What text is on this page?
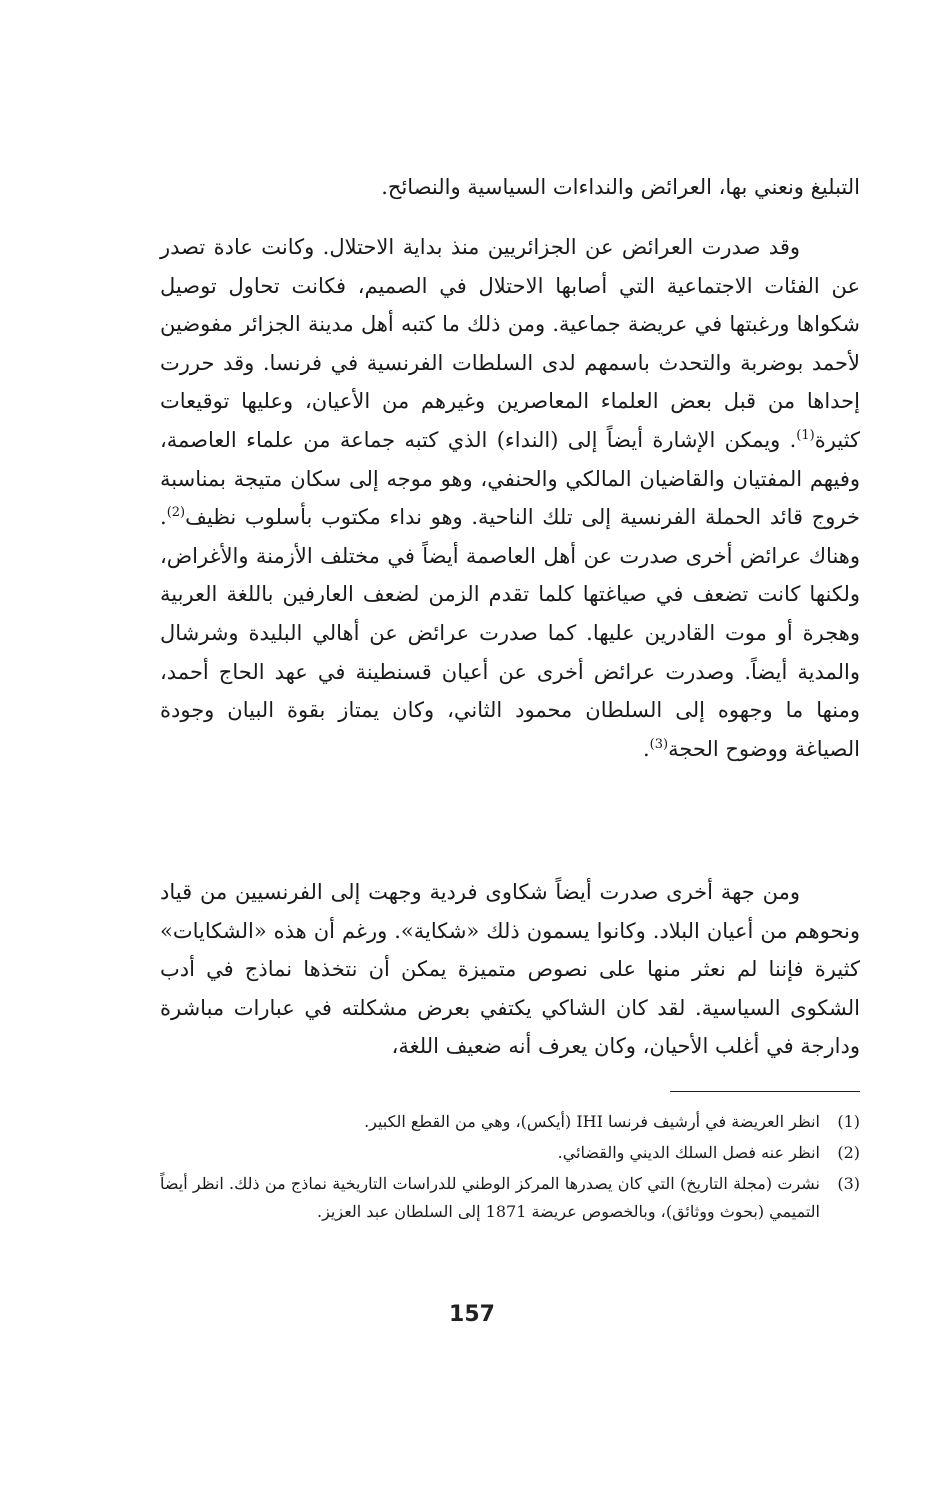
التبليغ ونعني بها، العرائض والنداءات السياسية والنصائح.

وقد صدرت العرائض عن الجزائريين منذ بداية الاحتلال. وكانت عادة تصدر عن الفئات الاجتماعية التي أصابها الاحتلال في الصميم، فكانت تحاول توصيل شكواها ورغبتها في عريضة جماعية. ومن ذلك ما كتبه أهل مدينة الجزائر مفوضين لأحمد بوضربة والتحدث باسمهم لدى السلطات الفرنسية في فرنسا. وقد حررت إحداها من قبل بعض العلماء المعاصرين وغيرهم من الأعيان، وعليها توقيعات كثيرة$^{(1)}$. ويمكن الإشارة أيضاً إلى (النداء) الذي كتبه جماعة من علماء العاصمة، وفيهم المفتيان والقاضيان المالكي والحنفي، وهو موجه إلى سكان متيجة بمناسبة خروج قائد الحملة الفرنسية إلى تلك الناحية. وهو نداء مكتوب بأسلوب نظيف$^{(2)}$. وهناك عرائض أخرى صدرت عن أهل العاصمة أيضاً في مختلف الأزمنة والأغراض، ولكنها كانت تضعف في صياغتها كلما تقدم الزمن لضعف العارفين باللغة العربية وهجرة أو موت القادرين عليها. كما صدرت عرائض عن أهالي البليدة وشرشال والمدية أيضاً. وصدرت عرائض أخرى عن أعيان قسنطينة في عهد الحاج أحمد، ومنها ما وجهوه إلى السلطان محمود الثاني، وكان يمتاز بقوة البيان وجودة الصياغة ووضوح الحجة$^{(3)}$.

ومن جهة أخرى صدرت أيضاً شكاوى فردية وجهت إلى الفرنسيين من قياد ونحوهم من أعيان البلاد. وكانوا يسمون ذلك «شكاية». ورغم أن هذه «الشكايات» كثيرة فإننا لم نعثر منها على نصوص متميزة يمكن أن نتخذها نماذج في أدب الشكوى السياسية. لقد كان الشاكي يكتفي بعرض مشكلته في عبارات مباشرة ودارجة في أغلب الأحيان، وكان يعرف أنه ضعيف اللغة،

(1)
انظر العريضة في أرشيف فرنسا IHI (أيكس)، وهي من القطع الكبير.
(2)
انظر عنه فصل السلك الديني والقضائي.
(3)
نشرت (مجلة التاريخ) التي كان يصدرها المركز الوطني للدراسات التاريخية نماذج من ذلك. انظر أيضاً التميمي (بحوث ووثائق)، وبالخصوص عريضة 1871 إلى السلطان عبد العزيز.
157
